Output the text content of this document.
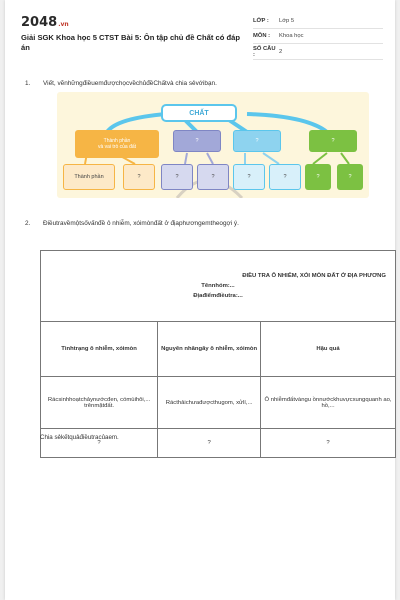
2048.vn
Giải SGK Khoa học 5 CTST Bài 5: Ôn tập chủ đề Chất có đáp án
LỚP :	Lớp 5
MÔN :	Khoa học
SỐ CÂU :	2
1. Viết, vẽnhữngđiềuemđượchọcvềchủđềChấtvà chia sẻvớibạn.
CHẤT
Thành phần
và vai trò của đất
?	?	?
Thành phần	?	?	?	?	?	?	?
2. Điềutravềmộtsốvấnđề ô nhiễm, xóimònđất ở địaphươngemtheogợi ý.
ĐIỀU TRA Ô NHIỄM, XÓI MÒN ĐẤT Ở ĐỊA PHƯƠNG
Tênnhóm:...
Địađiểmđiềutra:...		

Tìnhtrạng ô nhiễm, xóimòn	Nguyên nhângây ô nhiễm, xóimòn	Hậu quả
Rácsinhhoạtchảynướcđen, cómùihôi,... trênmặtđất.	Rácthảichưađượcthugom, xửlí,...	Ô nhiễmđấtvàngu ồnnướckhuvựcxungquanh ao, hồ,...
?	?	?
Chia sẻkếtquảđiềutracủaem.
